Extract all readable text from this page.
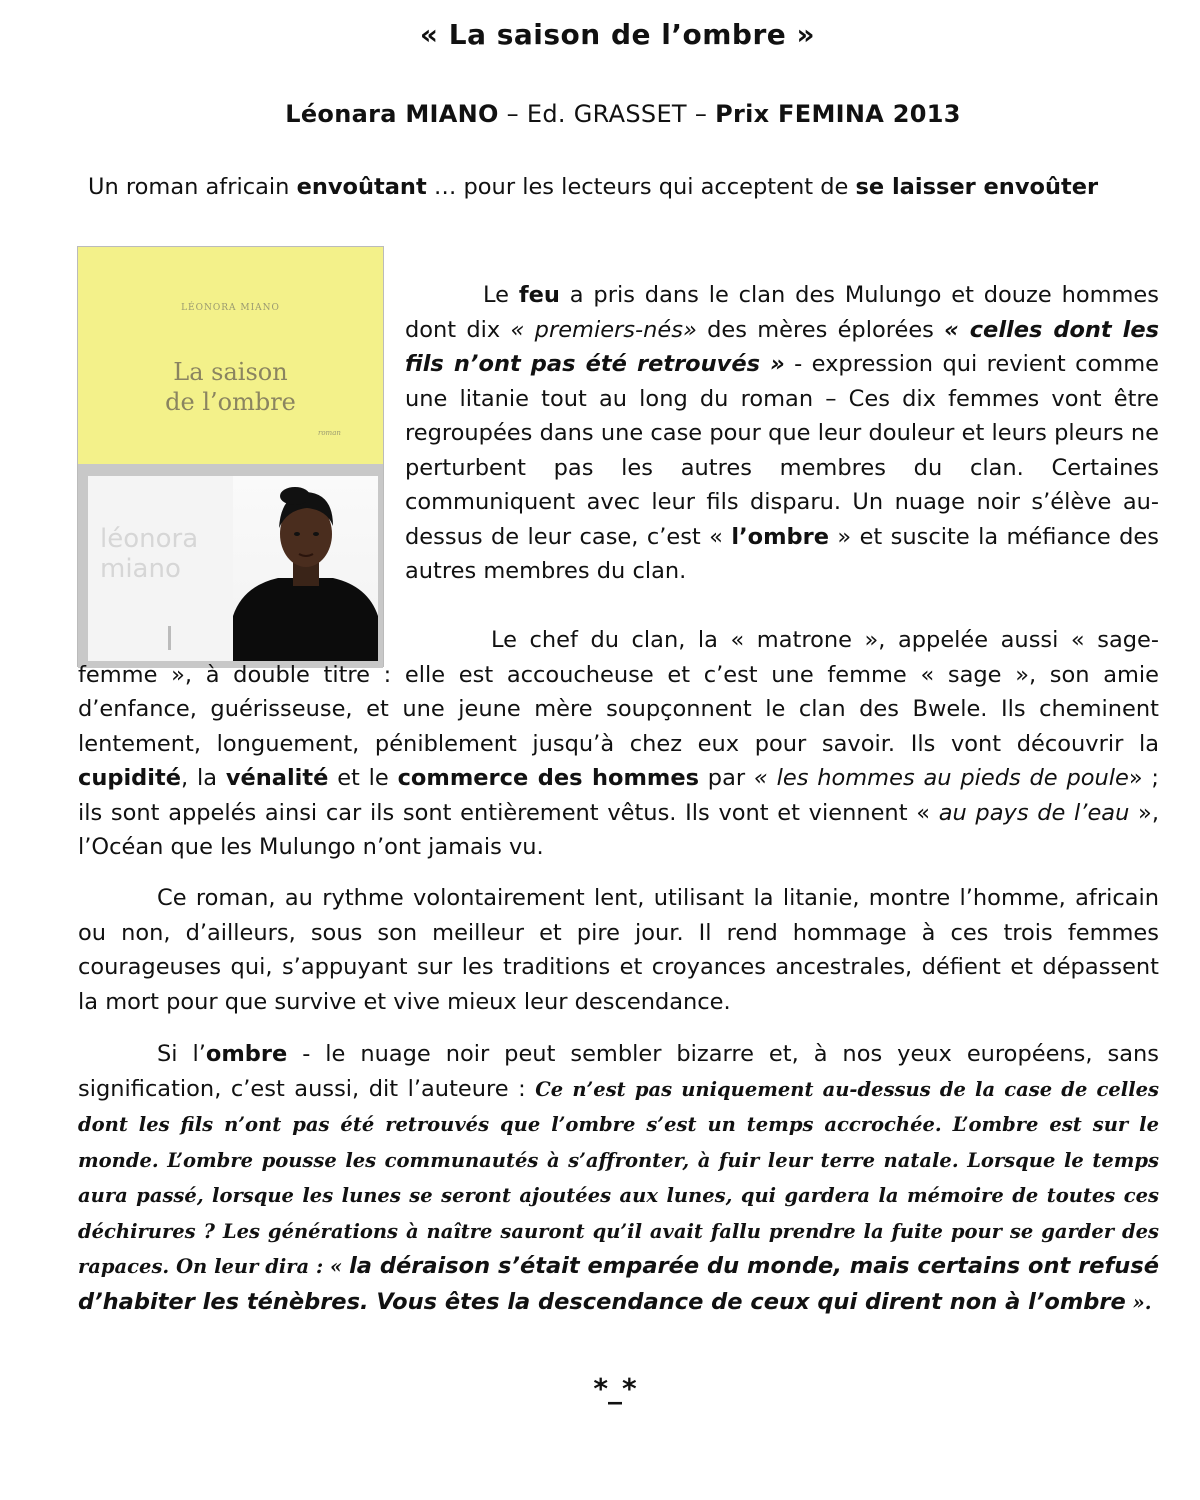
« La saison de l’ombre »
Léonara MIANO – Ed. GRASSET – Prix FEMINA 2013
Un roman africain envoûtant … pour les lecteurs qui acceptent de se laisser envoûter
LÉONORA MIANO
La saison
de l’ombre
roman
léonora
miano

Le feu a pris dans le clan des Mulungo et douze hommes dont dix « premiers-nés» des mères éplorées « celles dont les fils n’ont pas été retrouvés » - expression qui revient comme une litanie tout au long du roman – Ces dix femmes vont être regroupées dans une case pour que leur douleur et leurs pleurs ne perturbent pas les autres membres du clan. Certaines communiquent avec leur fils disparu. Un nuage noir s’élève au-dessus de leur case, c’est « l’ombre » et suscite la méfiance des autres membres du clan.

Le chef du clan, la « matrone », appelée aussi « sage-femme », à double titre : elle est accoucheuse et c’est une femme « sage », son amie d’enfance, guérisseuse, et une jeune mère soupçonnent le clan des Bwele. Ils cheminent lentement, longuement, péniblement jusqu’à chez eux pour savoir. Ils vont découvrir la cupidité, la vénalité et le commerce des hommes par « les hommes au pieds de poule» ; ils sont appelés ainsi car ils sont entièrement vêtus. Ils vont et viennent « au pays de l’eau », l’Océan que les Mulungo n’ont jamais vu.

Ce roman, au rythme volontairement lent, utilisant la litanie, montre l’homme, africain ou non, d’ailleurs, sous son meilleur et pire jour. Il rend hommage à ces trois femmes courageuses qui, s’appuyant sur les traditions et croyances ancestrales, défient et dépassent la mort pour que survive et vive mieux leur descendance.

Si l’ombre - le nuage noir peut sembler bizarre et, à nos yeux européens, sans signification, c’est aussi, dit l’auteure : Ce n’est pas uniquement au-dessus de la case de celles dont les fils n’ont pas été retrouvés que l’ombre s’est un temps accrochée. L’ombre est sur le monde. L’ombre pousse les communautés à s’affronter, à fuir leur terre natale. Lorsque le temps aura passé, lorsque les lunes se seront ajoutées aux lunes, qui gardera la mémoire de toutes ces déchirures ? Les générations à naître sauront qu’il avait fallu prendre la fuite pour se garder des rapaces. On leur dira : « la déraison s’était emparée du monde, mais certains ont refusé d’habiter les ténèbres. Vous êtes la descendance de ceux qui dirent non à l’ombre ».

*_*
